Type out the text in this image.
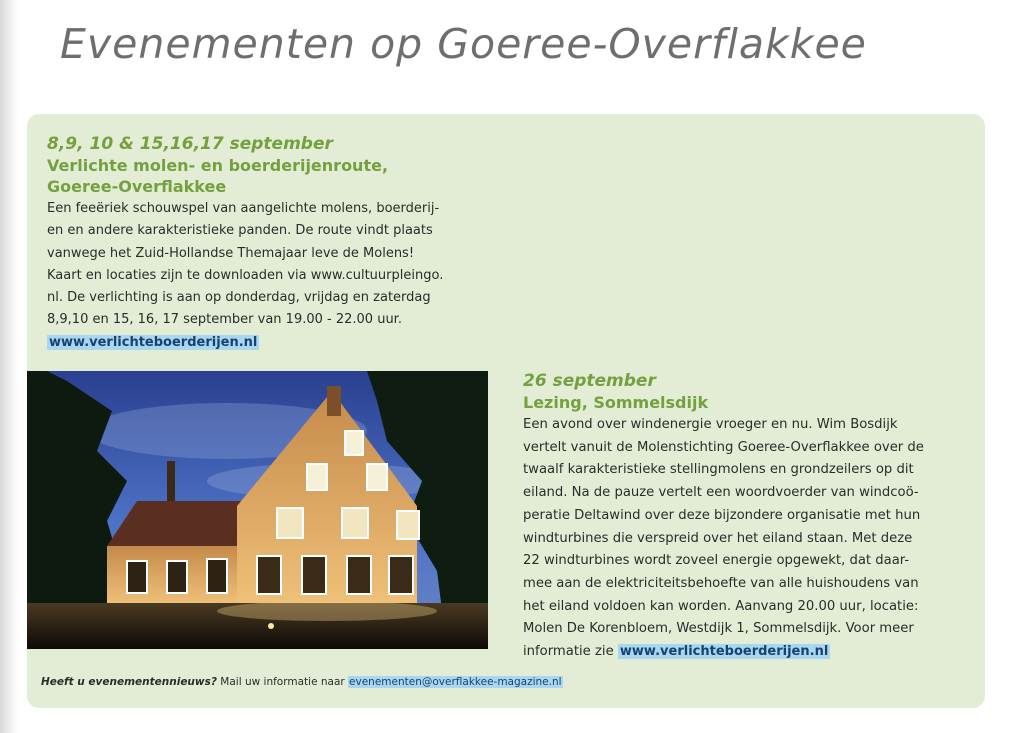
Evenementen op Goeree-Overflakkee
8,9, 10 & 15,16,17 september
Verlichte molen- en boerderijenroute,
Goeree-Overflakkee
Een feeëriek schouwspel van aangelichte molens, boerderij-
en en andere karakteristieke panden. De route vindt plaats
vanwege het Zuid-Hollandse Themajaar leve de Molens!
Kaart en locaties zijn te downloaden via www.cultuurpleingo.
nl. De verlichting is aan op donderdag, vrijdag en zaterdag
8,9,10 en 15, 16, 17 september van 19.00 - 22.00 uur.
www.verlichteboerderijen.nl
26 september
Lezing, Sommelsdijk
Een avond over windenergie vroeger en nu. Wim Bosdijk
vertelt vanuit de Molenstichting Goeree-Overflakkee over de
twaalf karakteristieke stellingmolens en grondzeilers op dit
eiland. Na de pauze vertelt een woordvoerder van windcoö-
peratie Deltawind over deze bijzondere organisatie met hun
windturbines die verspreid over het eiland staan. Met deze
22 windturbines wordt zoveel energie opgewekt, dat daar-
mee aan de elektriciteitsbehoefte van alle huishoudens van
het eiland voldoen kan worden. Aanvang 20.00 uur, locatie:
Molen De Korenbloem, Westdijk 1, Sommelsdijk. Voor meer
informatie zie www.verlichteboerderijen.nl
Heeft u evenementennieuws? Mail uw informatie naar evenementen@overflakkee-magazine.nl
